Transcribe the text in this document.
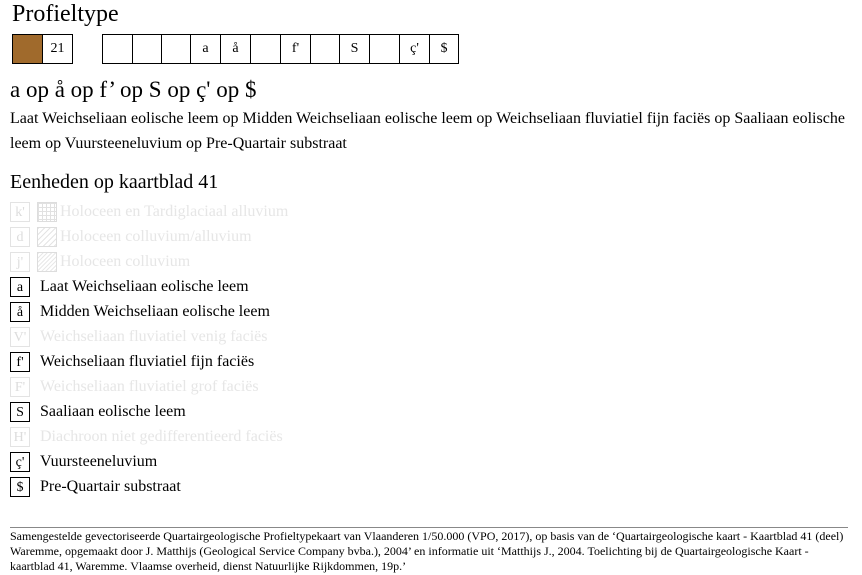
Profieltype
21	a	å	f'	S	ç'	$
a op å op f’ op S op ç' op $
Laat Weichseliaan eolische leem op Midden Weichseliaan eolische leem op Weichseliaan fluviatiel fijn faciës op Saaliaan eolische leem op Vuursteeneluvium op Pre-Quartair substraat
Eenheden op kaartblad 41
k'	Holoceen en Tardiglaciaal alluvium
d	Holoceen colluvium/alluvium
j'	Holoceen colluvium
a	Laat Weichseliaan eolische leem
å	Midden Weichseliaan eolische leem
V' Weichseliaan fluviatiel venig faciës
f'	Weichseliaan fluviatiel fijn faciës
F' Weichseliaan fluviatiel grof faciës
S	Saaliaan eolische leem
H' Diachroon niet gedifferentieerd faciës
ç' Vuursteeneluvium
$	Pre-Quartair substraat
Samengestelde gevectoriseerde Quartairgeologische Profieltypekaart van Vlaanderen 1/50.000 (VPO, 2017), op basis van de ‘Quartairgeologische kaart - Kaartblad 41 (deel) Waremme, opgemaakt door J. Matthijs (Geological Service Company bvba.), 2004’ en informatie uit ‘Matthijs J., 2004. Toelichting bij de Quartairgeologische Kaart - kaartblad 41, Waremme. Vlaamse overheid, dienst Natuurlijke Rijkdommen, 19p.’
